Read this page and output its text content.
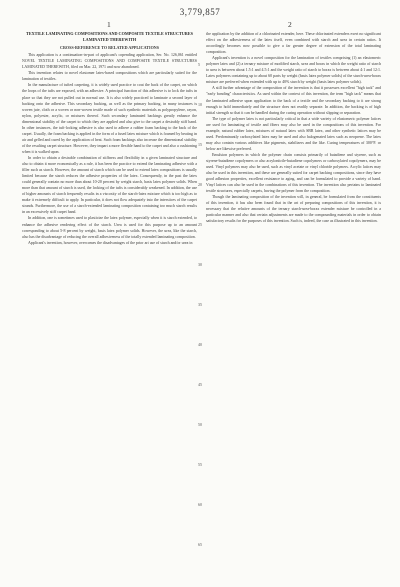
3,779,857
1	2
TEXTILE LAMINATING COMPOSITIONS AND COMPOSITE TEXTILE STRUCTURES LAMINATED THEREWITH
CROSS-REFERENCE TO RELATED APPLICATIONS

This application is a continuation-in-part of applicant's copending application, Ser. No. 126,061 entitled NOVEL TEXTILE LAMINATING COMPOSITIONS AND COMPOSITE TEXTILE STRUCTURES LAMINATED THEREWITH, filed on Mar. 22, 1971 and now abandoned.

This invention relates to novel elastomer latex-based compositions which are particularly suited for the lamination of textiles.

In the manufacture of tufted carpeting, it is widely used practice to coat the back of the carpet, on which the loops of the tufts are exposed, with an adhesive. A principal function of this adhesive is to lock the tufts in place so that they are not pulled out in normal use. It is also widely practiced to laminate a second layer of backing onto the adhesive. This secondary backing, as well as the primary backing, in many instances is woven jute, cloth or a woven or non-woven textile made of such synthetic materials as polypropylene, rayon, nylon, polyester, acrylic, or mixtures thereof. Such secondary laminated backings greatly enhance the dimensional stability of the carpet to which they are applied and also give to the carpet a desirably stiff hand. In other instances, the tuft-locking adhesive is also used to adhere a rubber foam backing to the back of the carpet. Usually, the foam backing is applied in the form of a fused latex mixture which is foamed by beating in air and gelled and cured by the application of heat. Such foam backings also increase the dimensional stability of the resulting carpet structure. However, they impart a more flexible hand to the carpet and also a cushioning when it is walked upon.

In order to obtain a desirable combination of stiffness and flexibility in a given laminated structure and also to obtain it more economically as a rule, it has been the practice to extend the laminating adhesive with a filler such as starch. However, the amount of starch which can be used to extend latex compositions is usually limited because the starch reduces the adhesive properties of the latex. Consequently, in the past the latex could generally contain no more than about 10-20 percent by weight starch, basis latex polymer solids. When more than that amount of starch is used, the locking of the tufts is considerably weakened. In addition, the use of higher amounts of starch frequently results in a viscosity of the starch-latex mixture which is too high as to make it extremely difficult to apply. In particular, it does not flow adequately into the interstices of the carpet strands. Furthermore, the use of a starch-extended laminating composition containing too much starch results in an excessively stiff carpet hand.

In addition, one is sometimes used to plasticize the latex polymer, especially when it is starch extended, to enhance the adhesive rendering effect of the starch. Urea is used for this purpose up to an amount corresponding to about 5-8 percent by weight, basis latex polymer solids. However, the urea, like the starch, also has the disadvantage of reducing the overall adhesiveness of the totally extended laminating composition.

Applicant's invention, however, overcomes the disadvantages of the prior art use of starch and/or urea in

the application by the addition of a chlorinated extender, here. These chlorinated extenders exert no significant effect on the adhesiveness of the latex itself, even combined with starch and urea in certain ratios. It accordingly becomes now possible to give a far greater degree of extension of the total laminating composition.

Applicant's invention is a novel composition for the lamination of textiles comprising (1) an elastomeric polymer latex and (2) a ternary mixture of modified starch, urea and borax in which the weight ratio of starch to urea is between about 1.5:1 and 4.5:1 and the weight ratio of starch to borax is between about 4:1 and 12:1. Latex polymers containing up to about 60 parts by weight (basis latex polymer solids) of the starch-urea-borax mixture are preferred when extended with up to 40% starch by weight (basis latex polymer solids).

A still further advantage of the composition of the invention is that it possesses excellent "high tack" and "early bonding" characteristics. As used within the context of this invention, the term "high tack" means that the laminated adhesive upon application to the back of a textile and the secondary backing to it are strong enough to hold immediately and the structure does not readily separate. In addition, the backing is of high initial strength so that it can be handled during the curing operation without slipping or separation.

The type of polymer latex is not particularly critical in that a wide variety of elastomeric polymer latices are used for laminating of textile and fibers may also be used in the compositions of this invention. For example, natural rubber latex, mixtures of natural latex with SBR latex, and other synthetic latices may be used. Predominantly carboxylated latex may be used and also halogenated latex such as neoprene. The latex may also contain various additives like pigments, stabilizers and the like. Curing temperatures of 300°F. or below are likewise preferred.

Emulsion polymers in which the polymer chain consists primarily of butadiene and styrene, such as styrene-butadiene copolymers or also acrylonitrile-butadiene copolymers or carboxylated copolymers, may be used. Vinyl polymers may also be used, such as vinyl acetate or vinyl chloride polymers. Acrylic latices may also be used in this invention, and these are generally suited for carpet backing compositions, since they have good adhesion properties, excellent resistance to aging, and can be formulated to provide a variety of hand. Vinyl latices can also be used in the combinations of this invention. The invention also pertains to laminated textile structures, especially carpets, having the polymer from the composition.

Though the laminating composition of the invention will, in general, be formulated from the constituents of this invention, it has also been found that in the art of preparing compositions of this invention, it is necessary that the relative amounts of the ternary starch-urea-borax extender mixture be controlled in a particular manner and also that certain adjustments are made to the compounding materials in order to obtain satisfactory results for the purposes of this invention. Such is, indeed, the case as illustrated in this invention.

5
10
15
20
25
30
35
40
45
50
55
60
65
